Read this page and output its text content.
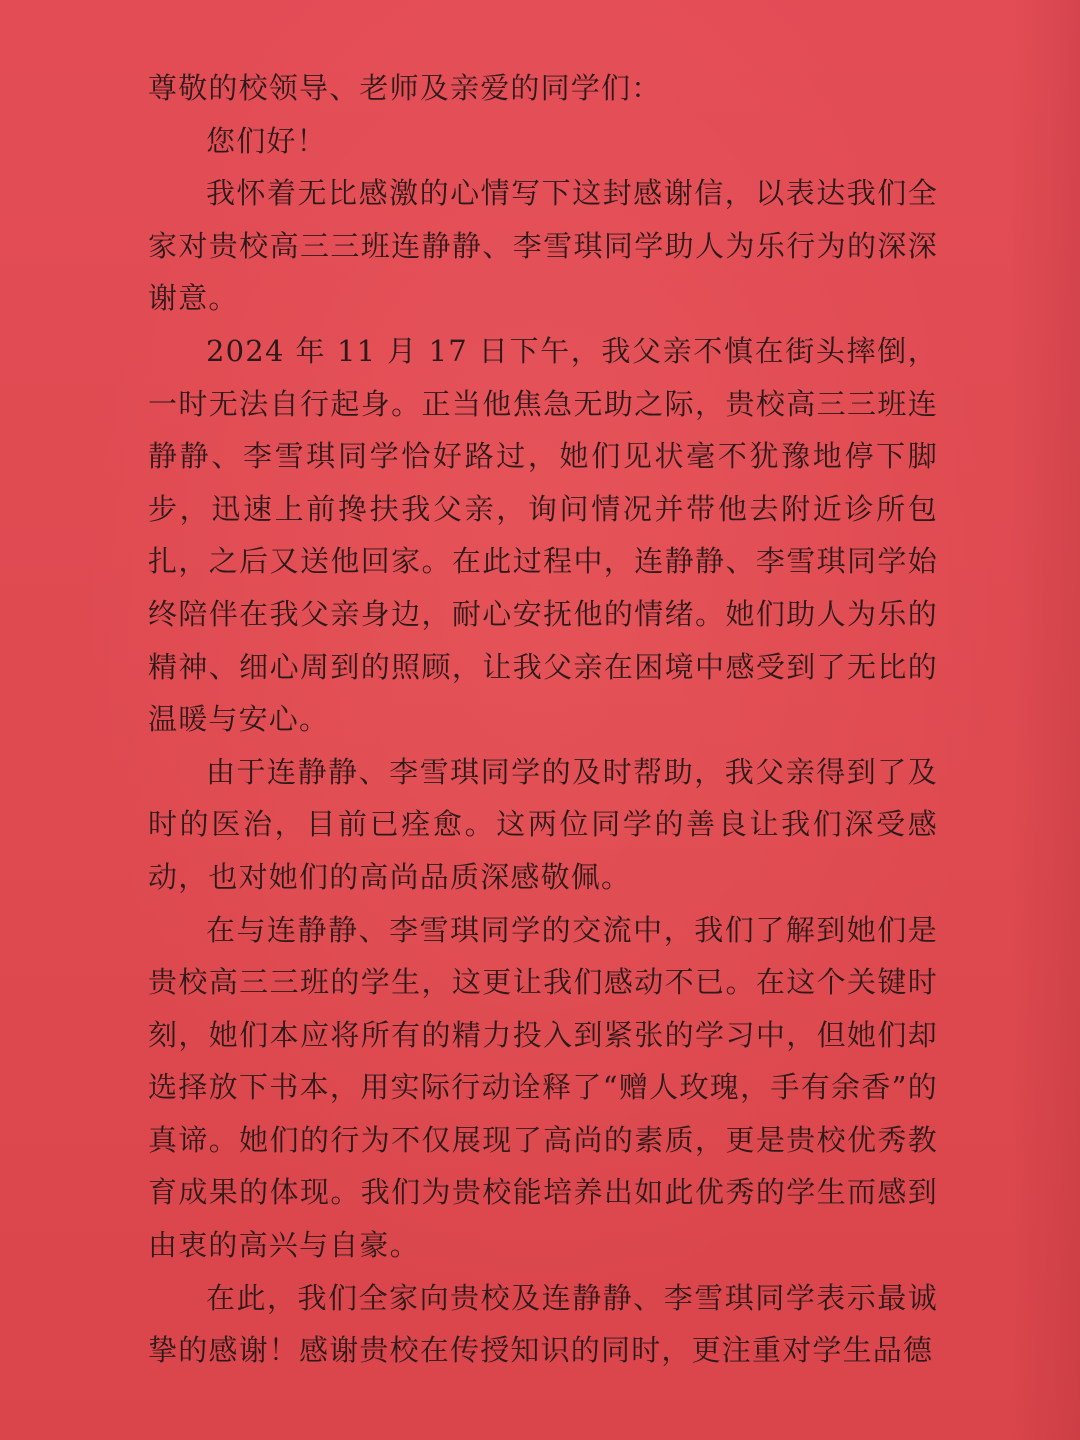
尊敬的校领导、老师及亲爱的同学们：

您们好！

我怀着无比感激的心情写下这封感谢信，以表达我们全家对贵校高三三班连静静、李雪琪同学助人为乐行为的深深谢意。

2024 年 11 月 17 日下午，我父亲不慎在街头摔倒，一时无法自行起身。正当他焦急无助之际，贵校高三三班连静静、李雪琪同学恰好路过，她们见状毫不犹豫地停下脚步，迅速上前搀扶我父亲，询问情况并带他去附近诊所包扎，之后又送他回家。在此过程中，连静静、李雪琪同学始终陪伴在我父亲身边，耐心安抚他的情绪。她们助人为乐的精神、细心周到的照顾，让我父亲在困境中感受到了无比的温暖与安心。

由于连静静、李雪琪同学的及时帮助，我父亲得到了及时的医治，目前已痊愈。这两位同学的善良让我们深受感动，也对她们的高尚品质深感敬佩。

在与连静静、李雪琪同学的交流中，我们了解到她们是贵校高三三班的学生，这更让我们感动不已。在这个关键时刻，她们本应将所有的精力投入到紧张的学习中，但她们却选择放下书本，用实际行动诠释了“赠人玫瑰，手有余香”的真谛。她们的行为不仅展现了高尚的素质，更是贵校优秀教育成果的体现。我们为贵校能培养出如此优秀的学生而感到由衷的高兴与自豪。

在此，我们全家向贵校及连静静、李雪琪同学表示最诚挚的感谢！感谢贵校在传授知识的同时，更注重对学生品德
